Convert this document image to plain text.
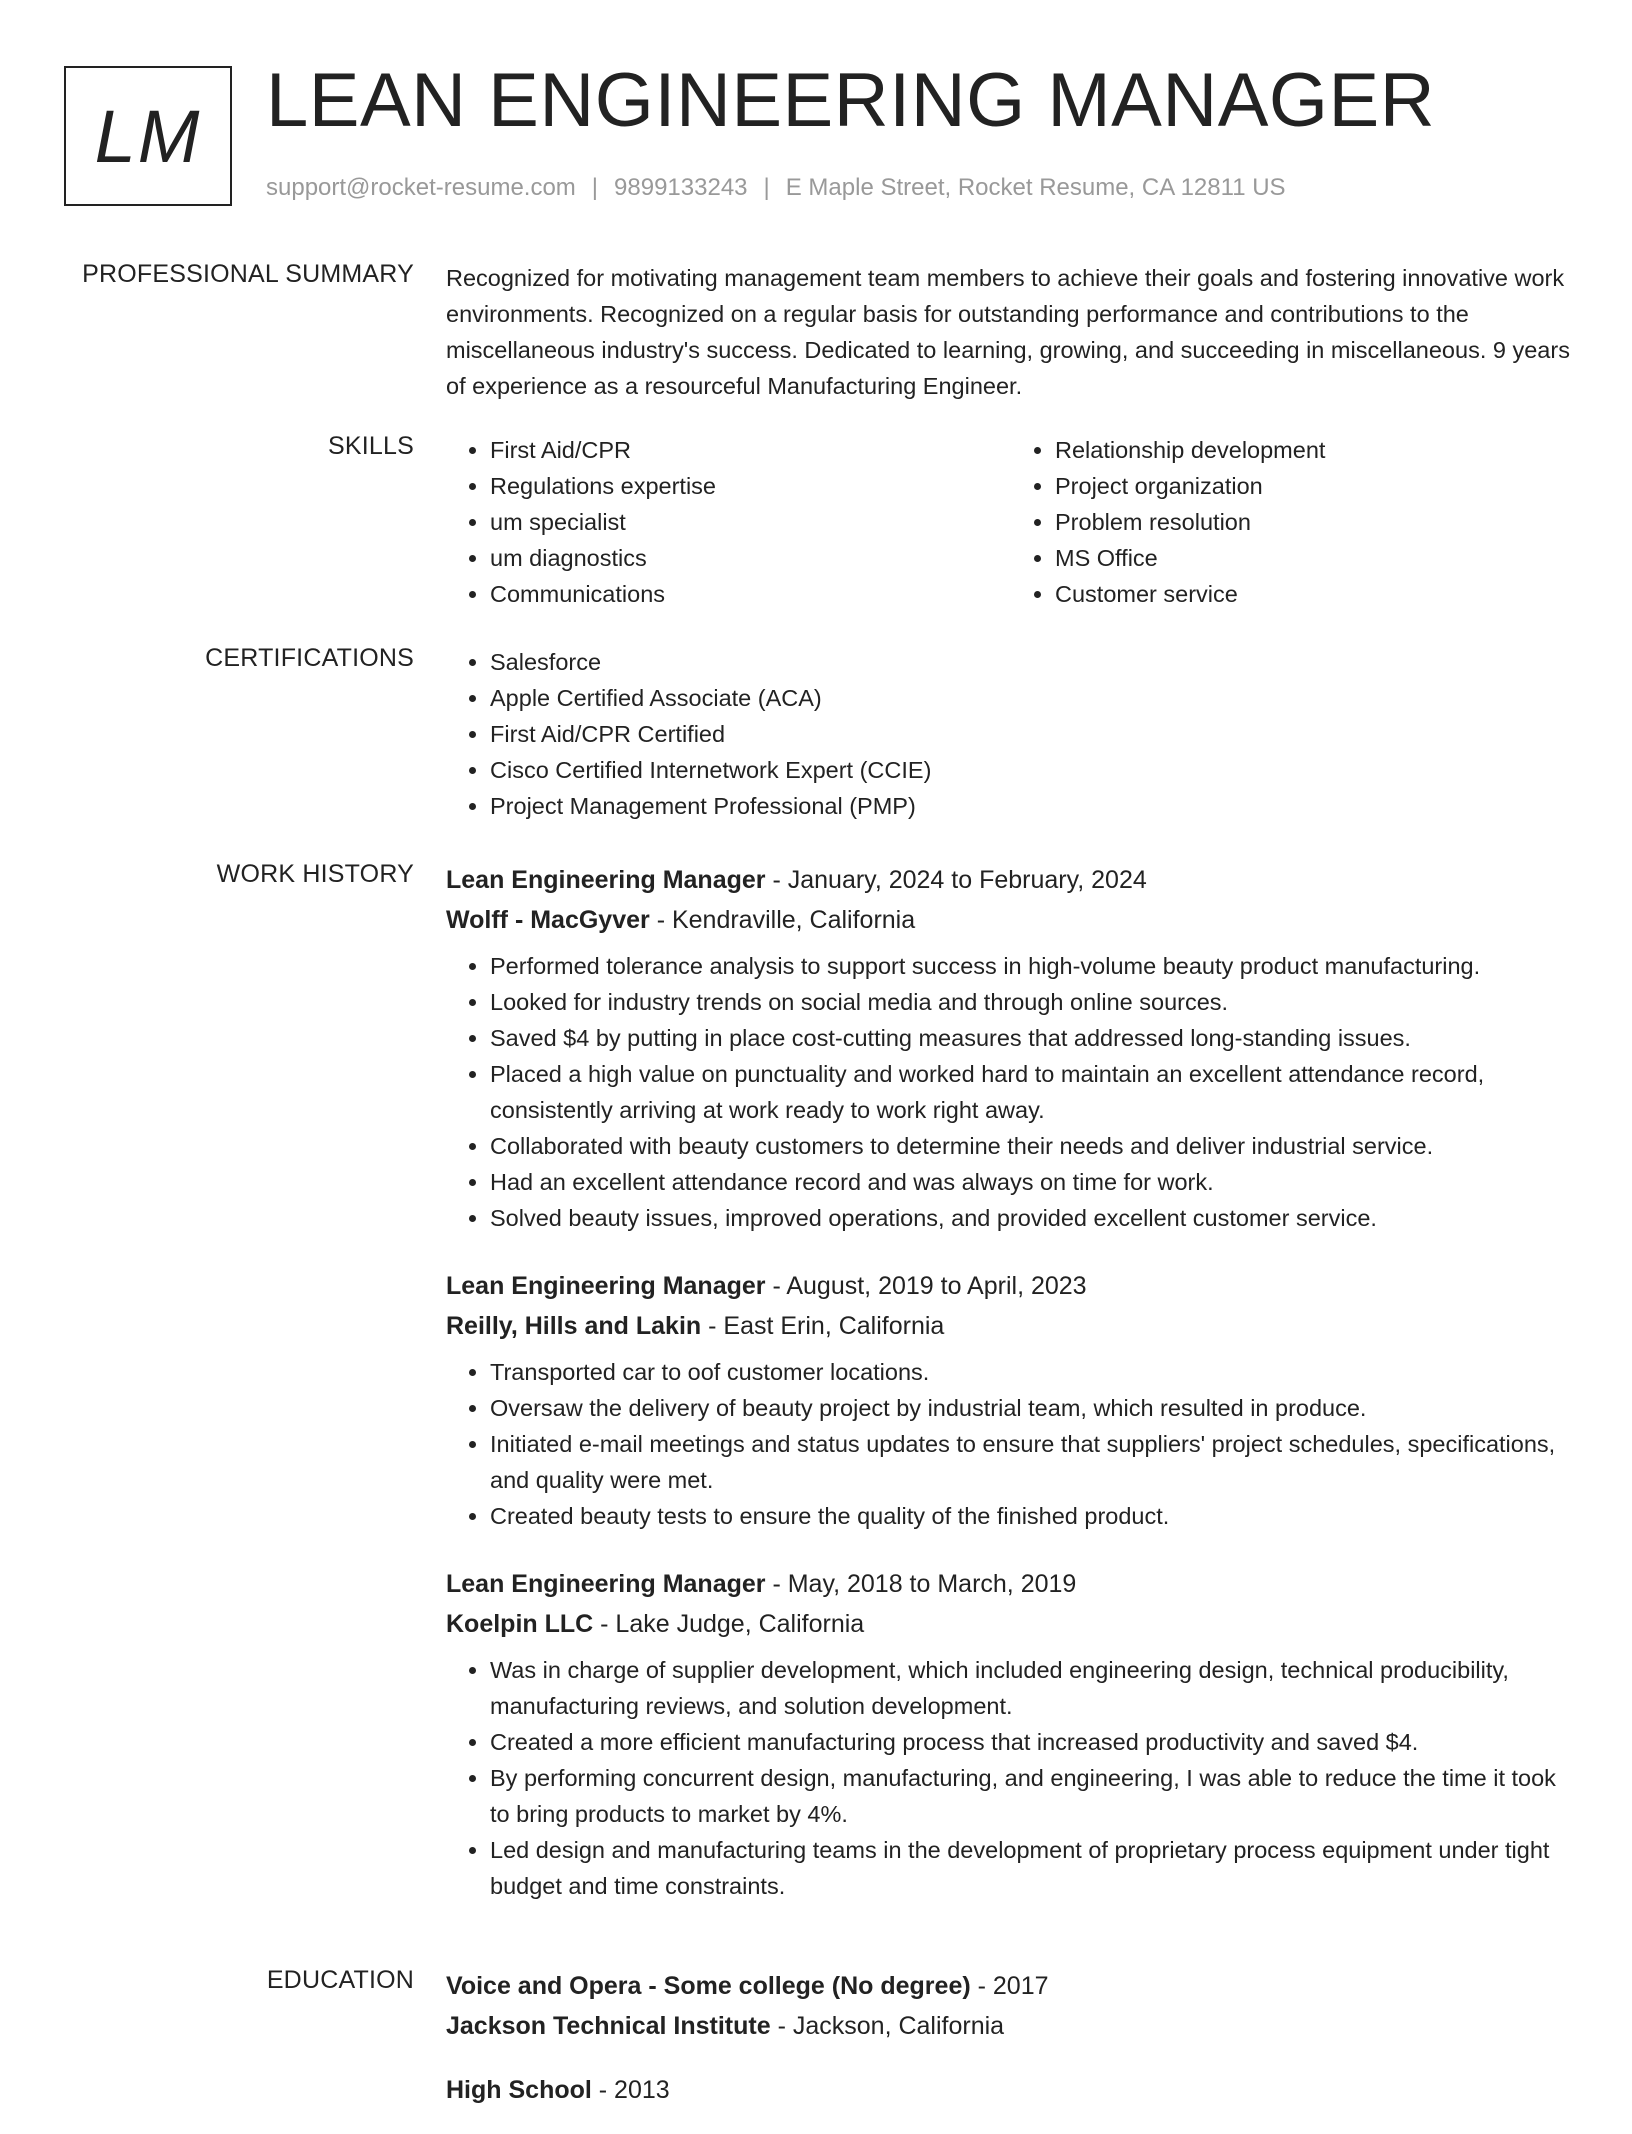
LM LEAN ENGINEERING MANAGER
support@rocket-resume.com | 9899133243 | E Maple Street, Rocket Resume, CA 12811 US
PROFESSIONAL SUMMARY Recognized for motivating management team members to achieve their goals and fostering innovative work environments. Recognized on a regular basis for outstanding performance and contributions to the miscellaneous industry's success. Dedicated to learning, growing, and succeeding in miscellaneous. 9 years of experience as a resourceful Manufacturing Engineer.

SKILLS	• First Aid/CPR
• Regulations expertise
• um specialist
• um diagnostics
• Communications
• Relationship development
• Project organization
• Problem resolution
• MS Office
• Customer service
CERTIFICATIONS	• Salesforce
• Apple Certified Associate (ACA)
• First Aid/CPR Certified
• Cisco Certified Internetwork Expert (CCIE)
• Project Management Professional (PMP)
WORK HISTORY Lean Engineering Manager - January, 2024 to February, 2024
Wolff - MacGyver - Kendraville, California
• Performed tolerance analysis to support success in high-volume beauty product manufacturing.
• Looked for industry trends on social media and through online sources.
• Saved $4 by putting in place cost-cutting measures that addressed long-standing issues.
• Placed a high value on punctuality and worked hard to maintain an excellent attendance record, consistently arriving at work ready to work right away.
• Collaborated with beauty customers to determine their needs and deliver industrial service.
• Had an excellent attendance record and was always on time for work.
• Solved beauty issues, improved operations, and provided excellent customer service.
Lean Engineering Manager - August, 2019 to April, 2023
Reilly, Hills and Lakin - East Erin, California
• Transported car to oof customer locations.
• Oversaw the delivery of beauty project by industrial team, which resulted in produce.
• Initiated e-mail meetings and status updates to ensure that suppliers' project schedules, specifications, and quality were met.
• Created beauty tests to ensure the quality of the finished product.
Lean Engineering Manager - May, 2018 to March, 2019
Koelpin LLC - Lake Judge, California
• Was in charge of supplier development, which included engineering design, technical producibility, manufacturing reviews, and solution development.
• Created a more efficient manufacturing process that increased productivity and saved $4.
• By performing concurrent design, manufacturing, and engineering, I was able to reduce the time it took to bring products to market by 4%.
• Led design and manufacturing teams in the development of proprietary process equipment under tight budget and time constraints.
EDUCATION Voice and Opera - Some college (No degree) - 2017
Jackson Technical Institute - Jackson, California
High School - 2013
